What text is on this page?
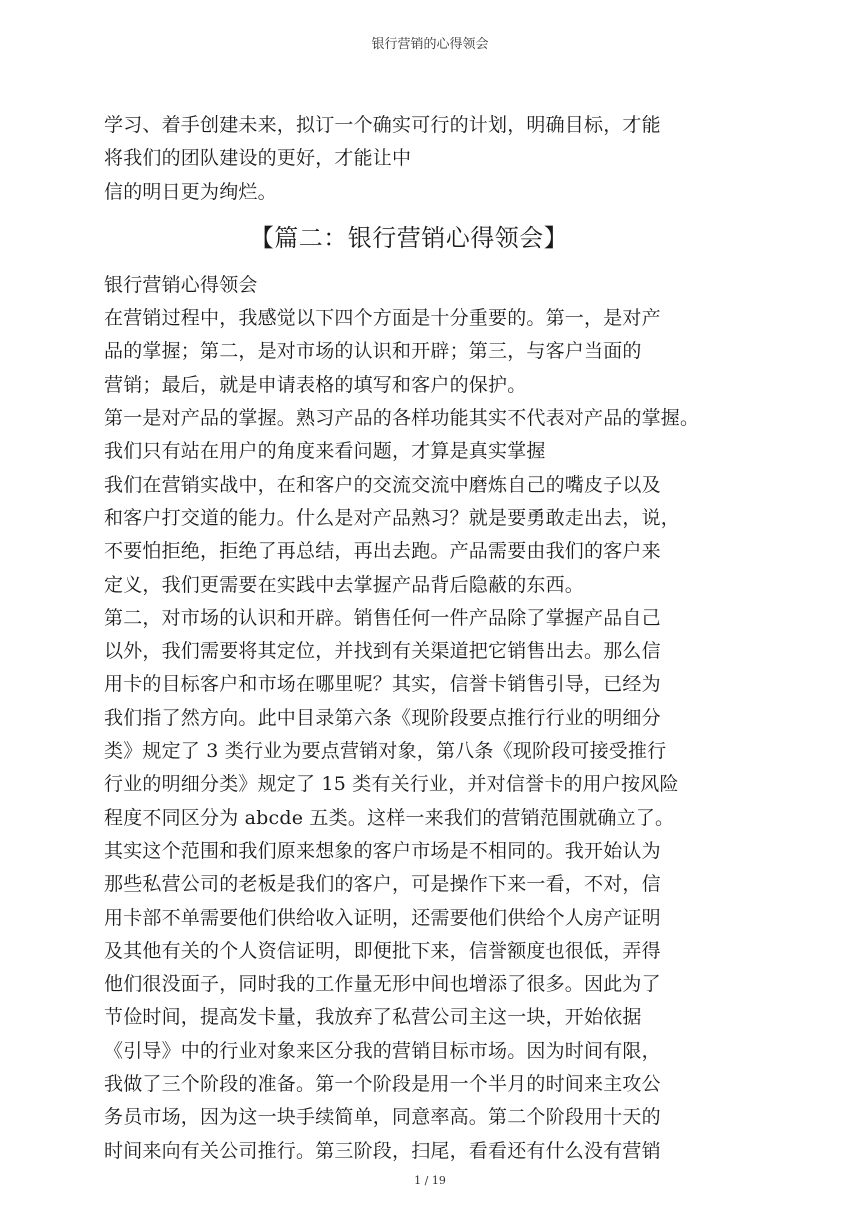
银行营销的心得领会
学习、着手创建未来，拟订一个确实可行的计划，明确目标，才能
将我们的团队建设的更好，才能让中
信的明日更为绚烂。
【篇二：银行营销心得领会】
银行营销心得领会
在营销过程中，我感觉以下四个方面是十分重要的。第一，是对产
品的掌握；第二，是对市场的认识和开辟；第三，与客户当面的
营销；最后，就是申请表格的填写和客户的保护。
第一是对产品的掌握。熟习产品的各样功能其实不代表对产品的掌握。
我们只有站在用户的角度来看问题，才算是真实掌握
我们在营销实战中，在和客户的交流交流中磨炼自己的嘴皮子以及
和客户打交道的能力。什么是对产品熟习？就是要勇敢走出去，说，
不要怕拒绝，拒绝了再总结，再出去跑。产品需要由我们的客户来
定义，我们更需要在实践中去掌握产品背后隐蔽的东西。
第二，对市场的认识和开辟。销售任何一件产品除了掌握产品自己
以外，我们需要将其定位，并找到有关渠道把它销售出去。那么信
用卡的目标客户和市场在哪里呢？其实，信誉卡销售引导，已经为
我们指了然方向。此中目录第六条《现阶段要点推行行业的明细分
类》规定了 3 类行业为要点营销对象，第八条《现阶段可接受推行
行业的明细分类》规定了 15 类有关行业，并对信誉卡的用户按风险
程度不同区分为 abcde 五类。这样一来我们的营销范围就确立了。
其实这个范围和我们原来想象的客户市场是不相同的。我开始认为
那些私营公司的老板是我们的客户，可是操作下来一看，不对，信
用卡部不单需要他们供给收入证明，还需要他们供给个人房产证明
及其他有关的个人资信证明，即便批下来，信誉额度也很低，弄得
他们很没面子，同时我的工作量无形中间也增添了很多。因此为了
节俭时间，提高发卡量，我放弃了私营公司主这一块，开始依据
《引导》中的行业对象来区分我的营销目标市场。因为时间有限，
我做了三个阶段的准备。第一个阶段是用一个半月的时间来主攻公
务员市场，因为这一块手续简单，同意率高。第二个阶段用十天的
时间来向有关公司推行。第三阶段，扫尾，看看还有什么没有营销
1 / 19
